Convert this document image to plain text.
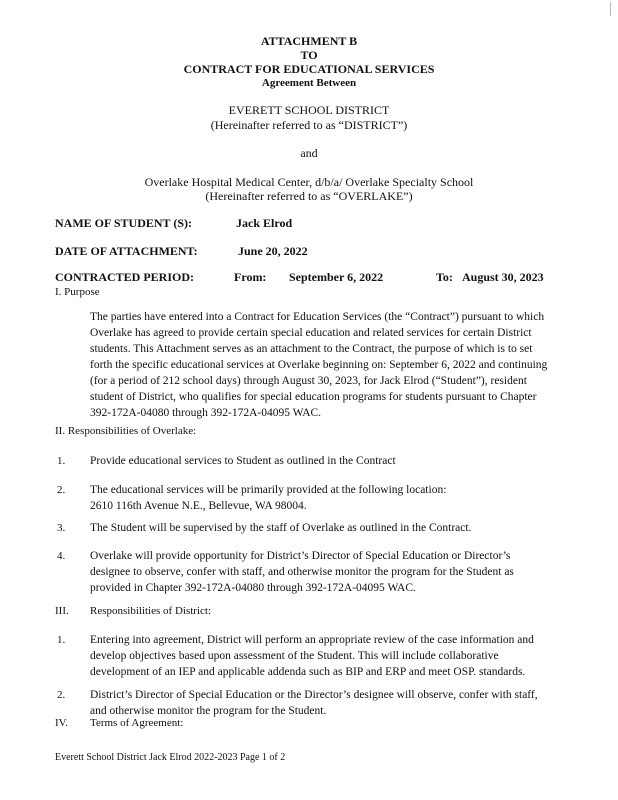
ATTACHMENT B
TO
CONTRACT FOR EDUCATIONAL SERVICES
Agreement Between
EVERETT SCHOOL DISTRICT
(Hereinafter referred to as “DISTRICT”)
and
Overlake Hospital Medical Center, d/b/a/ Overlake Specialty School
(Hereinafter referred to as “OVERLAKE”)
NAME OF STUDENT (S):	Jack Elrod
DATE OF ATTACHMENT:	June 20, 2022
CONTRACTED PERIOD:	From: September 6, 2022	To: August 30, 2023
I. Purpose
The parties have entered into a Contract for Education Services (the “Contract”) pursuant to which
Overlake has agreed to provide certain special education and related services for certain District
students. This Attachment serves as an attachment to the Contract, the purpose of which is to set
forth the specific educational services at Overlake beginning on: September 6, 2022 and continuing
(for a period of 212 school days) through August 30, 2023, for Jack Elrod (“Student”), resident
student of District, who qualifies for special education programs for students pursuant to Chapter
392-172A-04080 through 392-172A-04095 WAC.
II. Responsibilities of Overlake:
1. Provide educational services to Student as outlined in the Contract
2. The educational services will be primarily provided at the following location:
2610 116th Avenue N.E., Bellevue, WA 98004.
3. The Student will be supervised by the staff of Overlake as outlined in the Contract.
4. Overlake will provide opportunity for District’s Director of Special Education or Director’s
designee to observe, confer with staff, and otherwise monitor the program for the Student as
provided in Chapter 392-172A-04080 through 392-172A-04095 WAC.
III. Responsibilities of District:
1. Entering into agreement, District will perform an appropriate review of the case information and
develop objectives based upon assessment of the Student. This will include collaborative
development of an IEP and applicable addenda such as BIP and ERP and meet OSP. standards.
2. District’s Director of Special Education or the Director’s designee will observe, confer with staff,
and otherwise monitor the program for the Student.
IV. Terms of Agreement:
Everett School District Jack Elrod 2022-2023 Page 1 of 2
